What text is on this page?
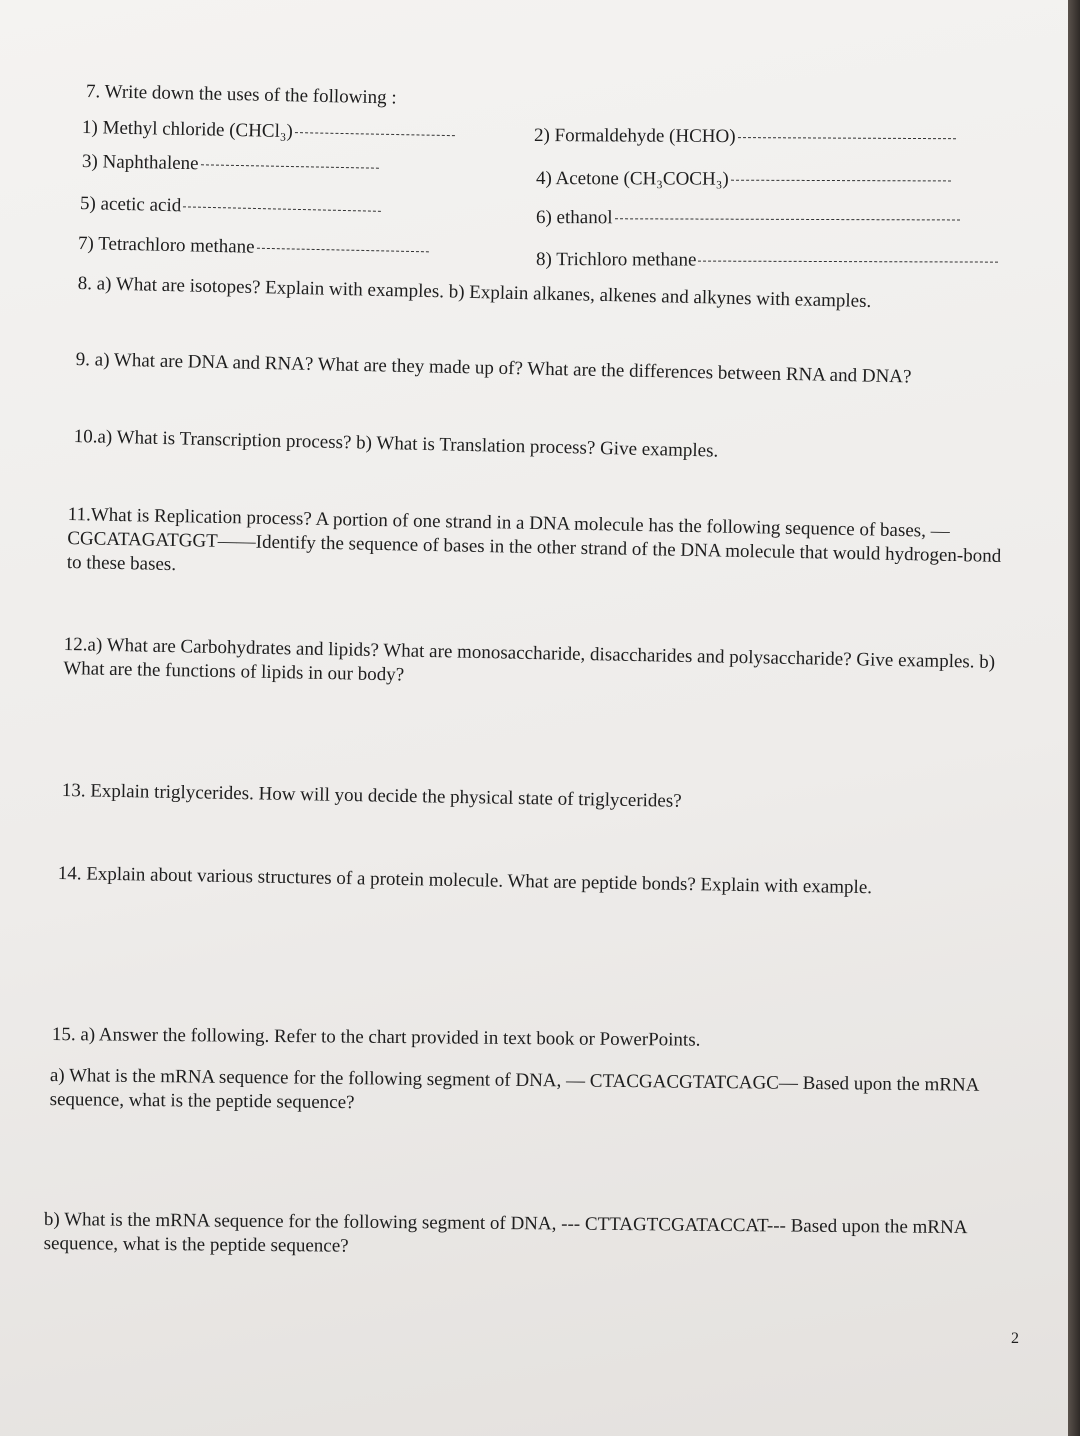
7. Write down the uses of the following :
1) Methyl chloride (CHCl₃)	2) Formaldehyde (HCHO)
3) Naphthalene
4) Acetone (CH₃COCH₃)
5) acetic acid
6) ethanol
7) Tetrachloro methane
8) Trichloro methane
8. a) What are isotopes? Explain with examples. b) Explain alkanes, alkenes and alkynes with examples.
9. a) What are DNA and RNA? What are they made up of? What are the differences between RNA and DNA?
10.a) What is Transcription process? b) What is Translation process? Give examples.
11.What is Replication process? A portion of one strand in a DNA molecule has the following sequence of bases, —CGCATAGATGGT——Identify the sequence of bases in the other strand of the DNA molecule that would hydrogen-bond to these bases.
12.a) What are Carbohydrates and lipids? What are monosaccharide, disaccharides and polysaccharide? Give examples. b) What are the functions of lipids in our body?
13. Explain triglycerides. How will you decide the physical state of triglycerides?
14. Explain about various structures of a protein molecule. What are peptide bonds? Explain with example.
15. a) Answer the following. Refer to the chart provided in text book or PowerPoints.
a) What is the mRNA sequence for the following segment of DNA, — CTACGACGTATCAGC— Based upon the mRNA sequence, what is the peptide sequence?
b) What is the mRNA sequence for the following segment of DNA, --- CTTAGTCGATACCAT--- Based upon the mRNA sequence, what is the peptide sequence?
2
